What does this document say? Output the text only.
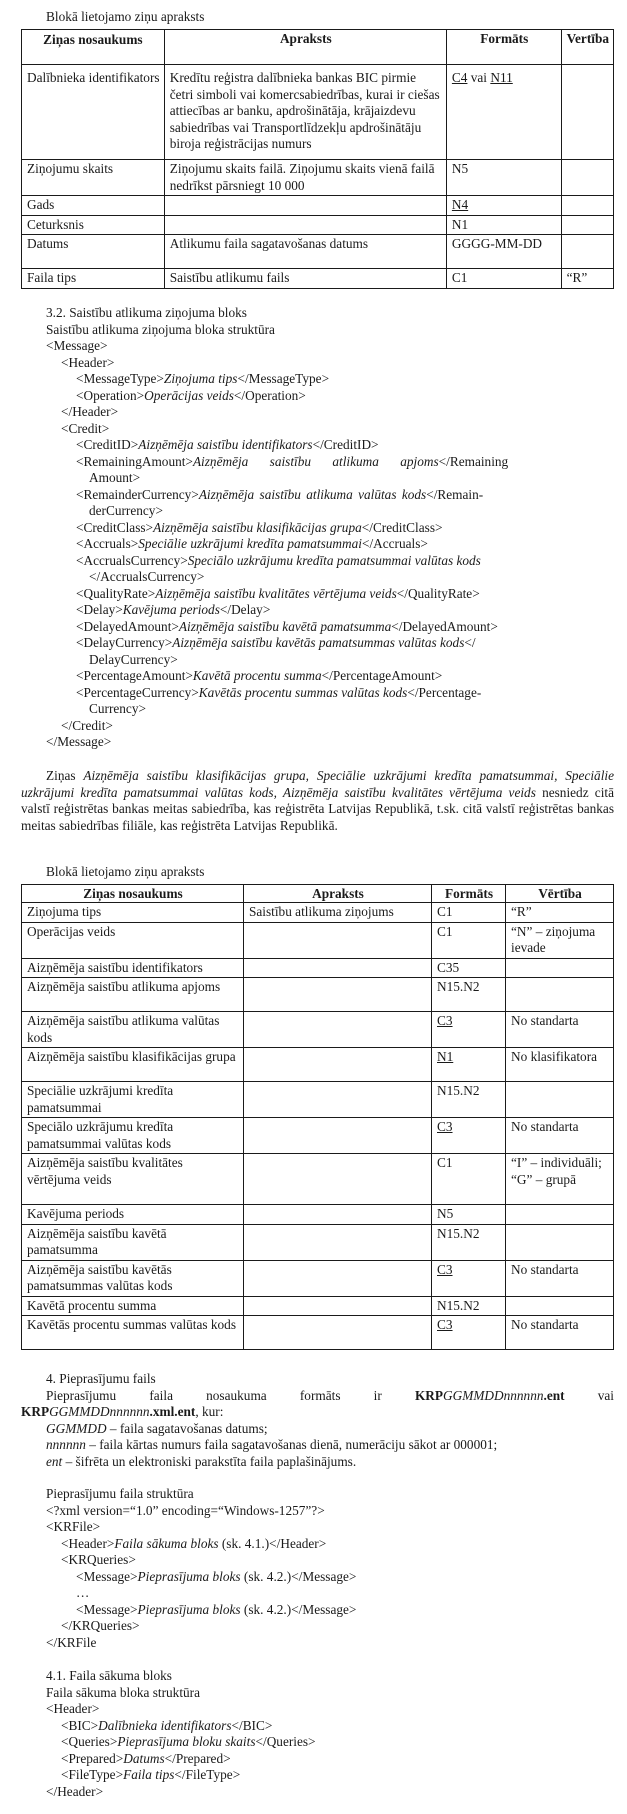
Blokā lietojamo ziņu apraksts
Ziņas nosaukums	Apraksts	Formāts	Vertība
Dalībnieka identifikators	Kredītu reģistra dalībnieka bankas BIC pirmie četri simboli vai komercsabiedrības, kurai ir ciešas attiecības ar banku, apdrošinātāja, krājaizdevu sabiedrības vai Transportlīdzekļu apdrošinātāju biroja reģistrācijas numurs	C4 vai N11	
Ziņojumu skaits	Ziņojumu skaits failā. Ziņojumu skaits vienā failā nedrīkst pārsniegt 10 000	N5	
Gads		N4	
Ceturksnis		N1	
Datums	Atlikumu faila sagatavošanas datums	GGGG-MM-DD	
Faila tips	Saistību atlikumu fails	C1	“R”
3.2. Saistību atlikuma ziņojuma bloks
Saistību atlikuma ziņojuma bloka struktūra
<Message>
<Header>
<MessageType>Ziņojuma tips</MessageType>
<Operation>Operācijas veids</Operation>
</Header>
<Credit>
<CreditID>Aizņēmēja saistību identifikators</CreditID>
<RemainingAmount>Aizņēmēja saistību atlikuma apjoms</Remaining
Amount>
<RemainderCurrency>Aizņēmēja saistību atlikuma valūtas kods</Remain-
derCurrency>
<CreditClass>Aizņēmēja saistību klasifikācijas grupa</CreditClass>
<Accruals>Speciālie uzkrājumi kredīta pamatsummai</Accruals>
<AccrualsCurrency>Speciālo uzkrājumu kredīta pamatsummai valūtas kods
</AccrualsCurrency>
<QualityRate>Aizņēmēja saistību kvalitātes vērtējuma veids</QualityRate>
<Delay>Kavējuma periods</Delay>
<DelayedAmount>Aizņēmēja saistību kavētā pamatsumma</DelayedAmount>
<DelayCurrency>Aizņēmēja saistību kavētās pamatsummas valūtas kods</
DelayCurrency>
<PercentageAmount>Kavētā procentu summa</PercentageAmount>
<PercentageCurrency>Kavētās procentu summas valūtas kods</Percentage-
Currency>
</Credit>
</Message>

Ziņas Aizņēmēja saistību klasifikācijas grupa, Speciālie uzkrājumi kredīta pamatsummai, Speciālie uzkrājumi kredīta pamatsummai valūtas kods, Aizņēmēja saistību kvalitātes vērtējuma veids nesniedz citā valstī reģistrētas bankas meitas sabiedrība, kas reģistrēta Latvijas Republikā, t.sk. citā valstī reģistrētas bankas meitas sabiedrības filiāle, kas reģistrēta Latvijas Republikā.

Blokā lietojamo ziņu apraksts
Ziņas nosaukums	Apraksts	Formāts	Vērtība
Ziņojuma tips	Saistību atlikuma ziņojums	C1	“R”
Operācijas veids		C1	“N” – ziņojuma ievade
Aizņēmēja saistību identifikators		C35	
Aizņēmēja saistību atlikuma apjoms		N15.N2	
Aizņēmēja saistību atlikuma valūtas kods		C3	No standarta
Aizņēmēja saistību klasifikācijas grupa		N1	No klasifikatora
Speciālie uzkrājumi kredīta pamatsummai		N15.N2	
Speciālo uzkrājumu kredīta pamatsummai valūtas kods		C3	No standarta
Aizņēmēja saistību kvalitātes vērtējuma veids		C1	“I” – individuāli; “G” – grupā
Kavējuma periods		N5	
Aizņēmēja saistību kavētā pamatsumma		N15.N2	
Aizņēmēja saistību kavētās pamatsummas valūtas kods		C3	No standarta
Kavētā procentu summa		N15.N2	
Kavētās procentu summas valūtas kods		C3	No standarta
4. Pieprasījumu fails
Pieprasījumu faila nosaukuma formāts ir KRPGGMMDDnnnnnn.ent vai
KRPGGMMDDnnnnnn.xml.ent, kur:
GGMMDD – faila sagatavošanas datums;
nnnnnn – faila kārtas numurs faila sagatavošanas dienā, numerāciju sākot ar 000001;
ent – šifrēta un elektroniski parakstīta faila paplašinājums.
Pieprasījumu faila struktūra
<?xml version=“1.0” encoding=“Windows-1257”?>
<KRFile>
<Header>Faila sākuma bloks (sk. 4.1.)</Header>
<KRQueries>
<Message>Pieprasījuma bloks (sk. 4.2.)</Message>
…
<Message>Pieprasījuma bloks (sk. 4.2.)</Message>
</KRQueries>
</KRFile
4.1. Faila sākuma bloks
Faila sākuma bloka struktūra
<Header>
<BIC>Dalībnieka identifikators</BIC>
<Queries>Pieprasījuma bloku skaits</Queries>
<Prepared>Datums</Prepared>
<FileType>Faila tips</FileType>
</Header>
